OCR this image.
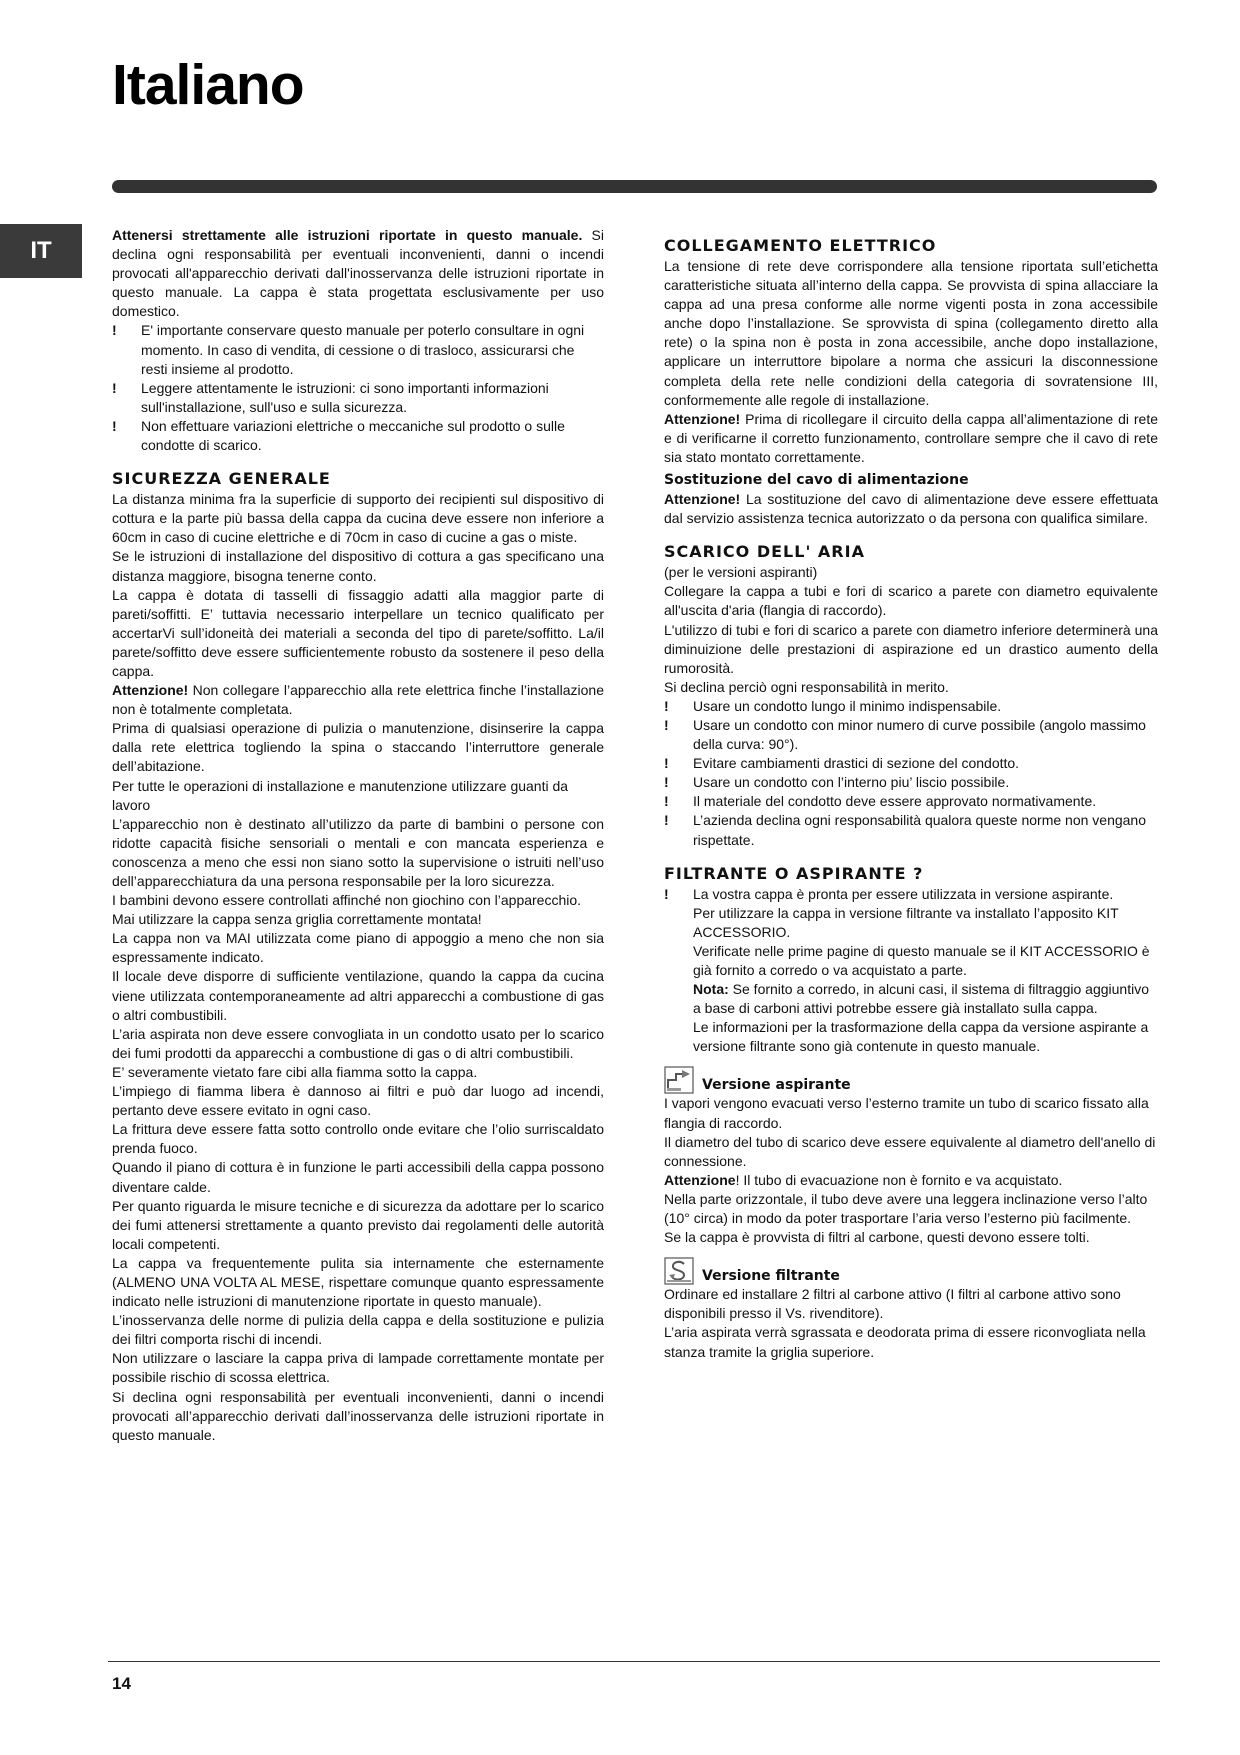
Italiano
IT

Attenersi strettamente alle istruzioni riportate in questo manuale. Si declina ogni responsabilità per eventuali inconvenienti, danni o incendi provocati all'apparecchio derivati dall'inosservanza delle istruzioni riportate in questo manuale. La cappa è stata progettata esclusivamente per uso domestico.

!	E' importante conservare questo manuale per poterlo consultare in ogni momento. In caso di vendita, di cessione o di trasloco, assicurarsi che resti insieme al prodotto.
!	Leggere attentamente le istruzioni: ci sono importanti informazioni sull'installazione, sull'uso e sulla sicurezza.
!	Non effettuare variazioni elettriche o meccaniche sul prodotto o sulle condotte di scarico.
SICUREZZA GENERALE

La distanza minima fra la superficie di supporto dei recipienti sul dispositivo di cottura e la parte più bassa della cappa da cucina deve essere non inferiore a 60cm in caso di cucine elettriche e di 70cm in caso di cucine a gas o miste.

Se le istruzioni di installazione del dispositivo di cottura a gas specificano una distanza maggiore, bisogna tenerne conto.

La cappa è dotata di tasselli di fissaggio adatti alla maggior parte di pareti/soffitti. E’ tuttavia necessario interpellare un tecnico qualificato per accertarVi sull’idoneità dei materiali a seconda del tipo di parete/soffitto. La/il parete/soffitto deve essere sufficientemente robusto da sostenere il peso della cappa.

Attenzione! Non collegare l’apparecchio alla rete elettrica finche l’installazione non è totalmente completata.

Prima di qualsiasi operazione di pulizia o manutenzione, disinserire la cappa dalla rete elettrica togliendo la spina o staccando l’interruttore generale dell’abitazione.

Per tutte le operazioni di installazione e manutenzione utilizzare guanti da lavoro

L’apparecchio non è destinato all’utilizzo da parte di bambini o persone con ridotte capacità fisiche sensoriali o mentali e con mancata esperienza e conoscenza a meno che essi non siano sotto la supervisione o istruiti nell’uso dell’apparecchiatura da una persona responsabile per la loro sicurezza.

I bambini devono essere controllati affinché non giochino con l’apparecchio.

Mai utilizzare la cappa senza griglia correttamente montata!

La cappa non va MAI utilizzata come piano di appoggio a meno che non sia espressamente indicato.

Il locale deve disporre di sufficiente ventilazione, quando la cappa da cucina viene utilizzata contemporaneamente ad altri apparecchi a combustione di gas o altri combustibili.

L’aria aspirata non deve essere convogliata in un condotto usato per lo scarico dei fumi prodotti da apparecchi a combustione di gas o di altri combustibili.

E’ severamente vietato fare cibi alla fiamma sotto la cappa.

L’impiego di fiamma libera è dannoso ai filtri e può dar luogo ad incendi, pertanto deve essere evitato in ogni caso.

La frittura deve essere fatta sotto controllo onde evitare che l’olio surriscaldato prenda fuoco.

Quando il piano di cottura è in funzione le parti accessibili della cappa possono diventare calde.

Per quanto riguarda le misure tecniche e di sicurezza da adottare per lo scarico dei fumi attenersi strettamente a quanto previsto dai regolamenti delle autorità locali competenti.

La cappa va frequentemente pulita sia internamente che esternamente (ALMENO UNA VOLTA AL MESE, rispettare comunque quanto espressamente indicato nelle istruzioni di manutenzione riportate in questo manuale).

L’inosservanza delle norme di pulizia della cappa e della sostituzione e pulizia dei filtri comporta rischi di incendi.

Non utilizzare o lasciare la cappa priva di lampade correttamente montate per possibile rischio di scossa elettrica.

Si declina ogni responsabilità per eventuali inconvenienti, danni o incendi provocati all’apparecchio derivati dall’inosservanza delle istruzioni riportate in questo manuale.

COLLEGAMENTO ELETTRICO

La tensione di rete deve corrispondere alla tensione riportata sull’etichetta caratteristiche situata all’interno della cappa. Se provvista di spina allacciare la cappa ad una presa conforme alle norme vigenti posta in zona accessibile anche dopo l’installazione. Se sprovvista di spina (collegamento diretto alla rete) o la spina non è posta in zona accessibile, anche dopo installazione, applicare un interruttore bipolare a norma che assicuri la disconnessione completa della rete nelle condizioni della categoria di sovratensione III, conformemente alle regole di installazione.

Attenzione! Prima di ricollegare il circuito della cappa all’alimentazione di rete e di verificarne il corretto funzionamento, controllare sempre che il cavo di rete sia stato montato correttamente.

Sostituzione del cavo di alimentazione

Attenzione! La sostituzione del cavo di alimentazione deve essere effettuata dal servizio assistenza tecnica autorizzato o da persona con qualifica similare.

SCARICO DELL' ARIA

(per le versioni aspiranti)

Collegare la cappa a tubi e fori di scarico a parete con diametro equivalente all'uscita d'aria (flangia di raccordo).

L'utilizzo di tubi e fori di scarico a parete con diametro inferiore determinerà una diminuizione delle prestazioni di aspirazione ed un drastico aumento della rumorosità.

Si declina perciò ogni responsabilità in merito.

!	Usare un condotto lungo il minimo indispensabile.
!	Usare un condotto con minor numero di curve possibile (angolo massimo della curva: 90°).
!	Evitare cambiamenti drastici di sezione del condotto.
!	Usare un condotto con l’interno piu’ liscio possibile.
!	Il materiale del condotto deve essere approvato normativamente.
!	L’azienda declina ogni responsabilità qualora queste norme non vengano rispettate.
FILTRANTE O ASPIRANTE ?
!	La vostra cappa è pronta per essere utilizzata in versione aspirante.

Per utilizzare la cappa in versione filtrante va installato l’apposito KIT ACCESSORIO.

Verificate nelle prime pagine di questo manuale se il KIT ACCESSORIO è già fornito a corredo o va acquistato a parte.

Nota: Se fornito a corredo, in alcuni casi, il sistema di filtraggio aggiuntivo a base di carboni attivi potrebbe essere già installato sulla cappa.

Le informazioni per la trasformazione della cappa da versione aspirante a versione filtrante sono già contenute in questo manuale.

Versione aspirante

I vapori vengono evacuati verso l’esterno tramite un tubo di scarico fissato alla flangia di raccordo.

Il diametro del tubo di scarico deve essere equivalente al diametro dell'anello di connessione.

Attenzione! Il tubo di evacuazione non è fornito e va acquistato.

Nella parte orizzontale, il tubo deve avere una leggera inclinazione verso l’alto (10° circa) in modo da poter trasportare l’aria verso l’esterno più facilmente.

Se la cappa è provvista di filtri al carbone, questi devono essere tolti.

Versione filtrante

Ordinare ed installare 2 filtri al carbone attivo (I filtri al carbone attivo sono disponibili presso il Vs. rivenditore).

L’aria aspirata verrà sgrassata e deodorata prima di essere riconvogliata nella stanza tramite la griglia superiore.

14
